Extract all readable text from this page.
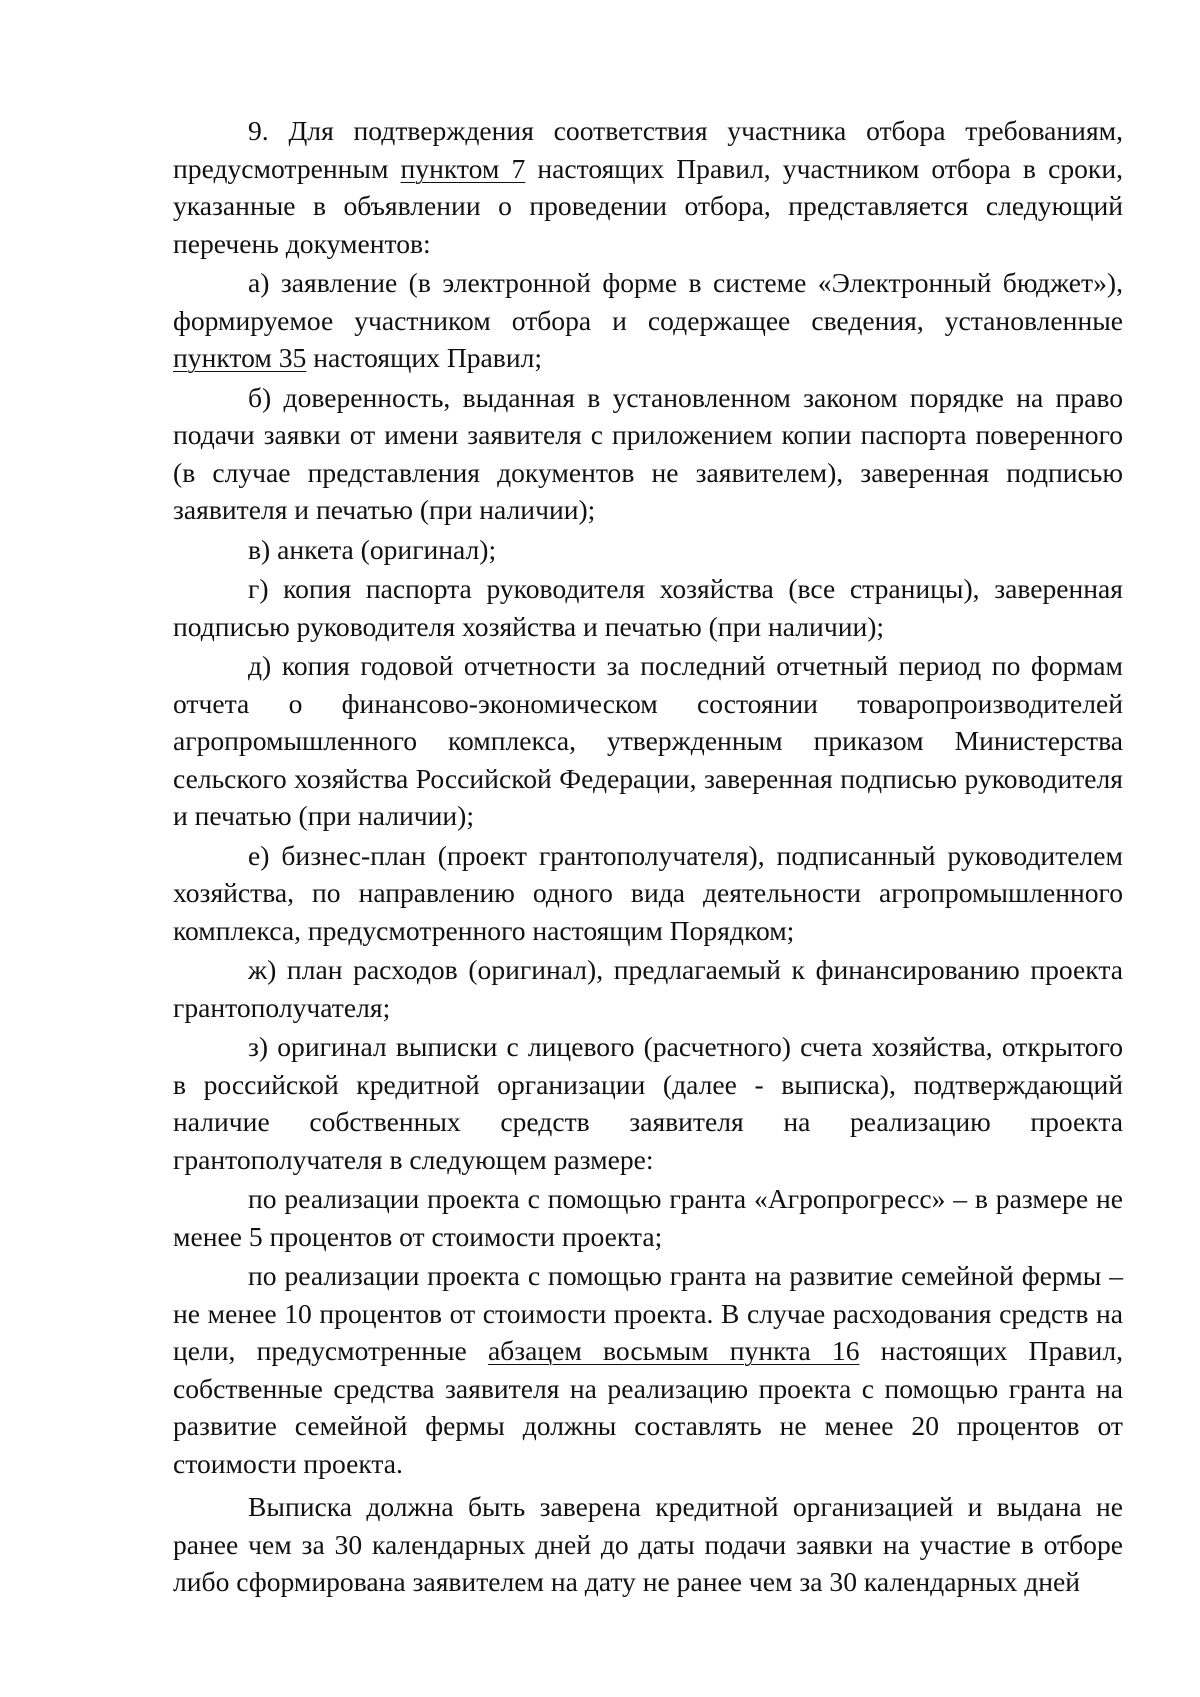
9. Для подтверждения соответствия участника отбора требованиям, предусмотренным пунктом 7 настоящих Правил, участником отбора в сроки, указанные в объявлении о проведении отбора, представляется следующий перечень документов:

а) заявление (в электронной форме в системе «Электронный бюджет»), формируемое участником отбора и содержащее сведения, установленные пунктом 35 настоящих Правил;

б) доверенность, выданная в установленном законом порядке на право подачи заявки от имени заявителя с приложением копии паспорта поверенного (в случае представления документов не заявителем), заверенная подписью заявителя и печатью (при наличии);

в) анкета (оригинал);

г) копия паспорта руководителя хозяйства (все страницы), заверенная подписью руководителя хозяйства и печатью (при наличии);

д) копия годовой отчетности за последний отчетный период по формам отчета о финансово-экономическом состоянии товаропроизводителей агропромышленного комплекса, утвержденным приказом Министерства сельского хозяйства Российской Федерации, заверенная подписью руководителя и печатью (при наличии);

е) бизнес-план (проект грантополучателя), подписанный руководителем хозяйства, по направлению одного вида деятельности агропромышленного комплекса, предусмотренного настоящим Порядком;

ж) план расходов (оригинал), предлагаемый к финансированию проекта грантополучателя;

з) оригинал выписки с лицевого (расчетного) счета хозяйства, открытого в российской кредитной организации (далее - выписка), подтверждающий наличие собственных средств заявителя на реализацию проекта грантополучателя в следующем размере:

по реализации проекта с помощью гранта «Агропрогресс» – в размере не менее 5 процентов от стоимости проекта;

по реализации проекта с помощью гранта на развитие семейной фермы – не менее 10 процентов от стоимости проекта. В случае расходования средств на цели, предусмотренные абзацем восьмым пункта 16 настоящих Правил, собственные средства заявителя на реализацию проекта с помощью гранта на развитие семейной фермы должны составлять не менее 20 процентов от стоимости проекта.

Выписка должна быть заверена кредитной организацией и выдана не ранее чем за 30 календарных дней до даты подачи заявки на участие в отборе либо сформирована заявителем на дату не ранее чем за 30 календарных дней
